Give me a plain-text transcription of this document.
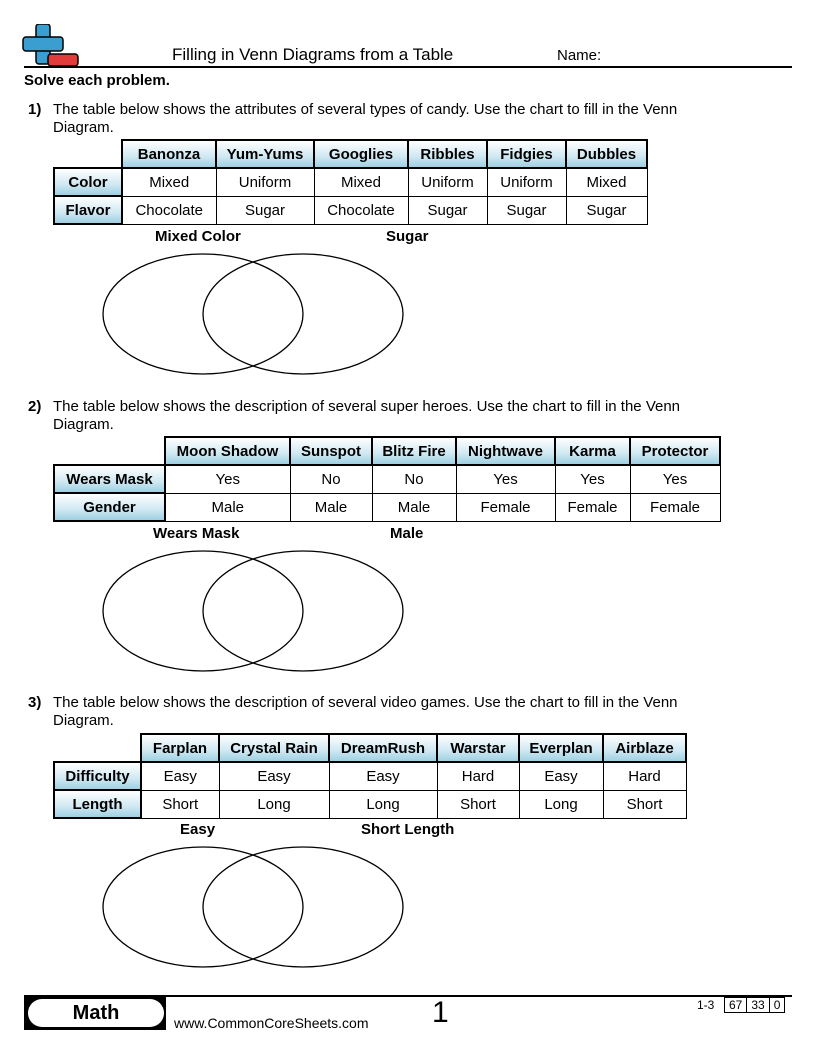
Filling in Venn Diagrams from a Table	Name:
Solve each problem.
1) The table below shows the attributes of several types of candy. Use the chart to fill in the Venn Diagram.
	Banonza	Yum-Yums	Googlies	Ribbles	Fidgies	Dubbles
Color	Mixed	Uniform	Mixed	Uniform	Uniform	Mixed
Flavor	Chocolate	Sugar	Chocolate	Sugar	Sugar	Sugar
Mixed Color	Sugar
2) The table below shows the description of several super heroes. Use the chart to fill in the Venn Diagram.
	Moon Shadow	Sunspot	Blitz Fire	Nightwave	Karma	Protector
Wears Mask	Yes	No	No	Yes	Yes	Yes
Gender	Male	Male	Male	Female	Female	Female
Wears Mask	Male
3) The table below shows the description of several video games. Use the chart to fill in the Venn Diagram.
	Farplan	Crystal Rain	DreamRush	Warstar	Everplan	Airblaze
Difficulty	Easy	Easy	Easy	Hard	Easy	Hard
Length	Short	Long	Long	Short	Long	Short
Easy	Short Length
Math	www.CommonCoreSheets.com 1	1-3 67	33	0
